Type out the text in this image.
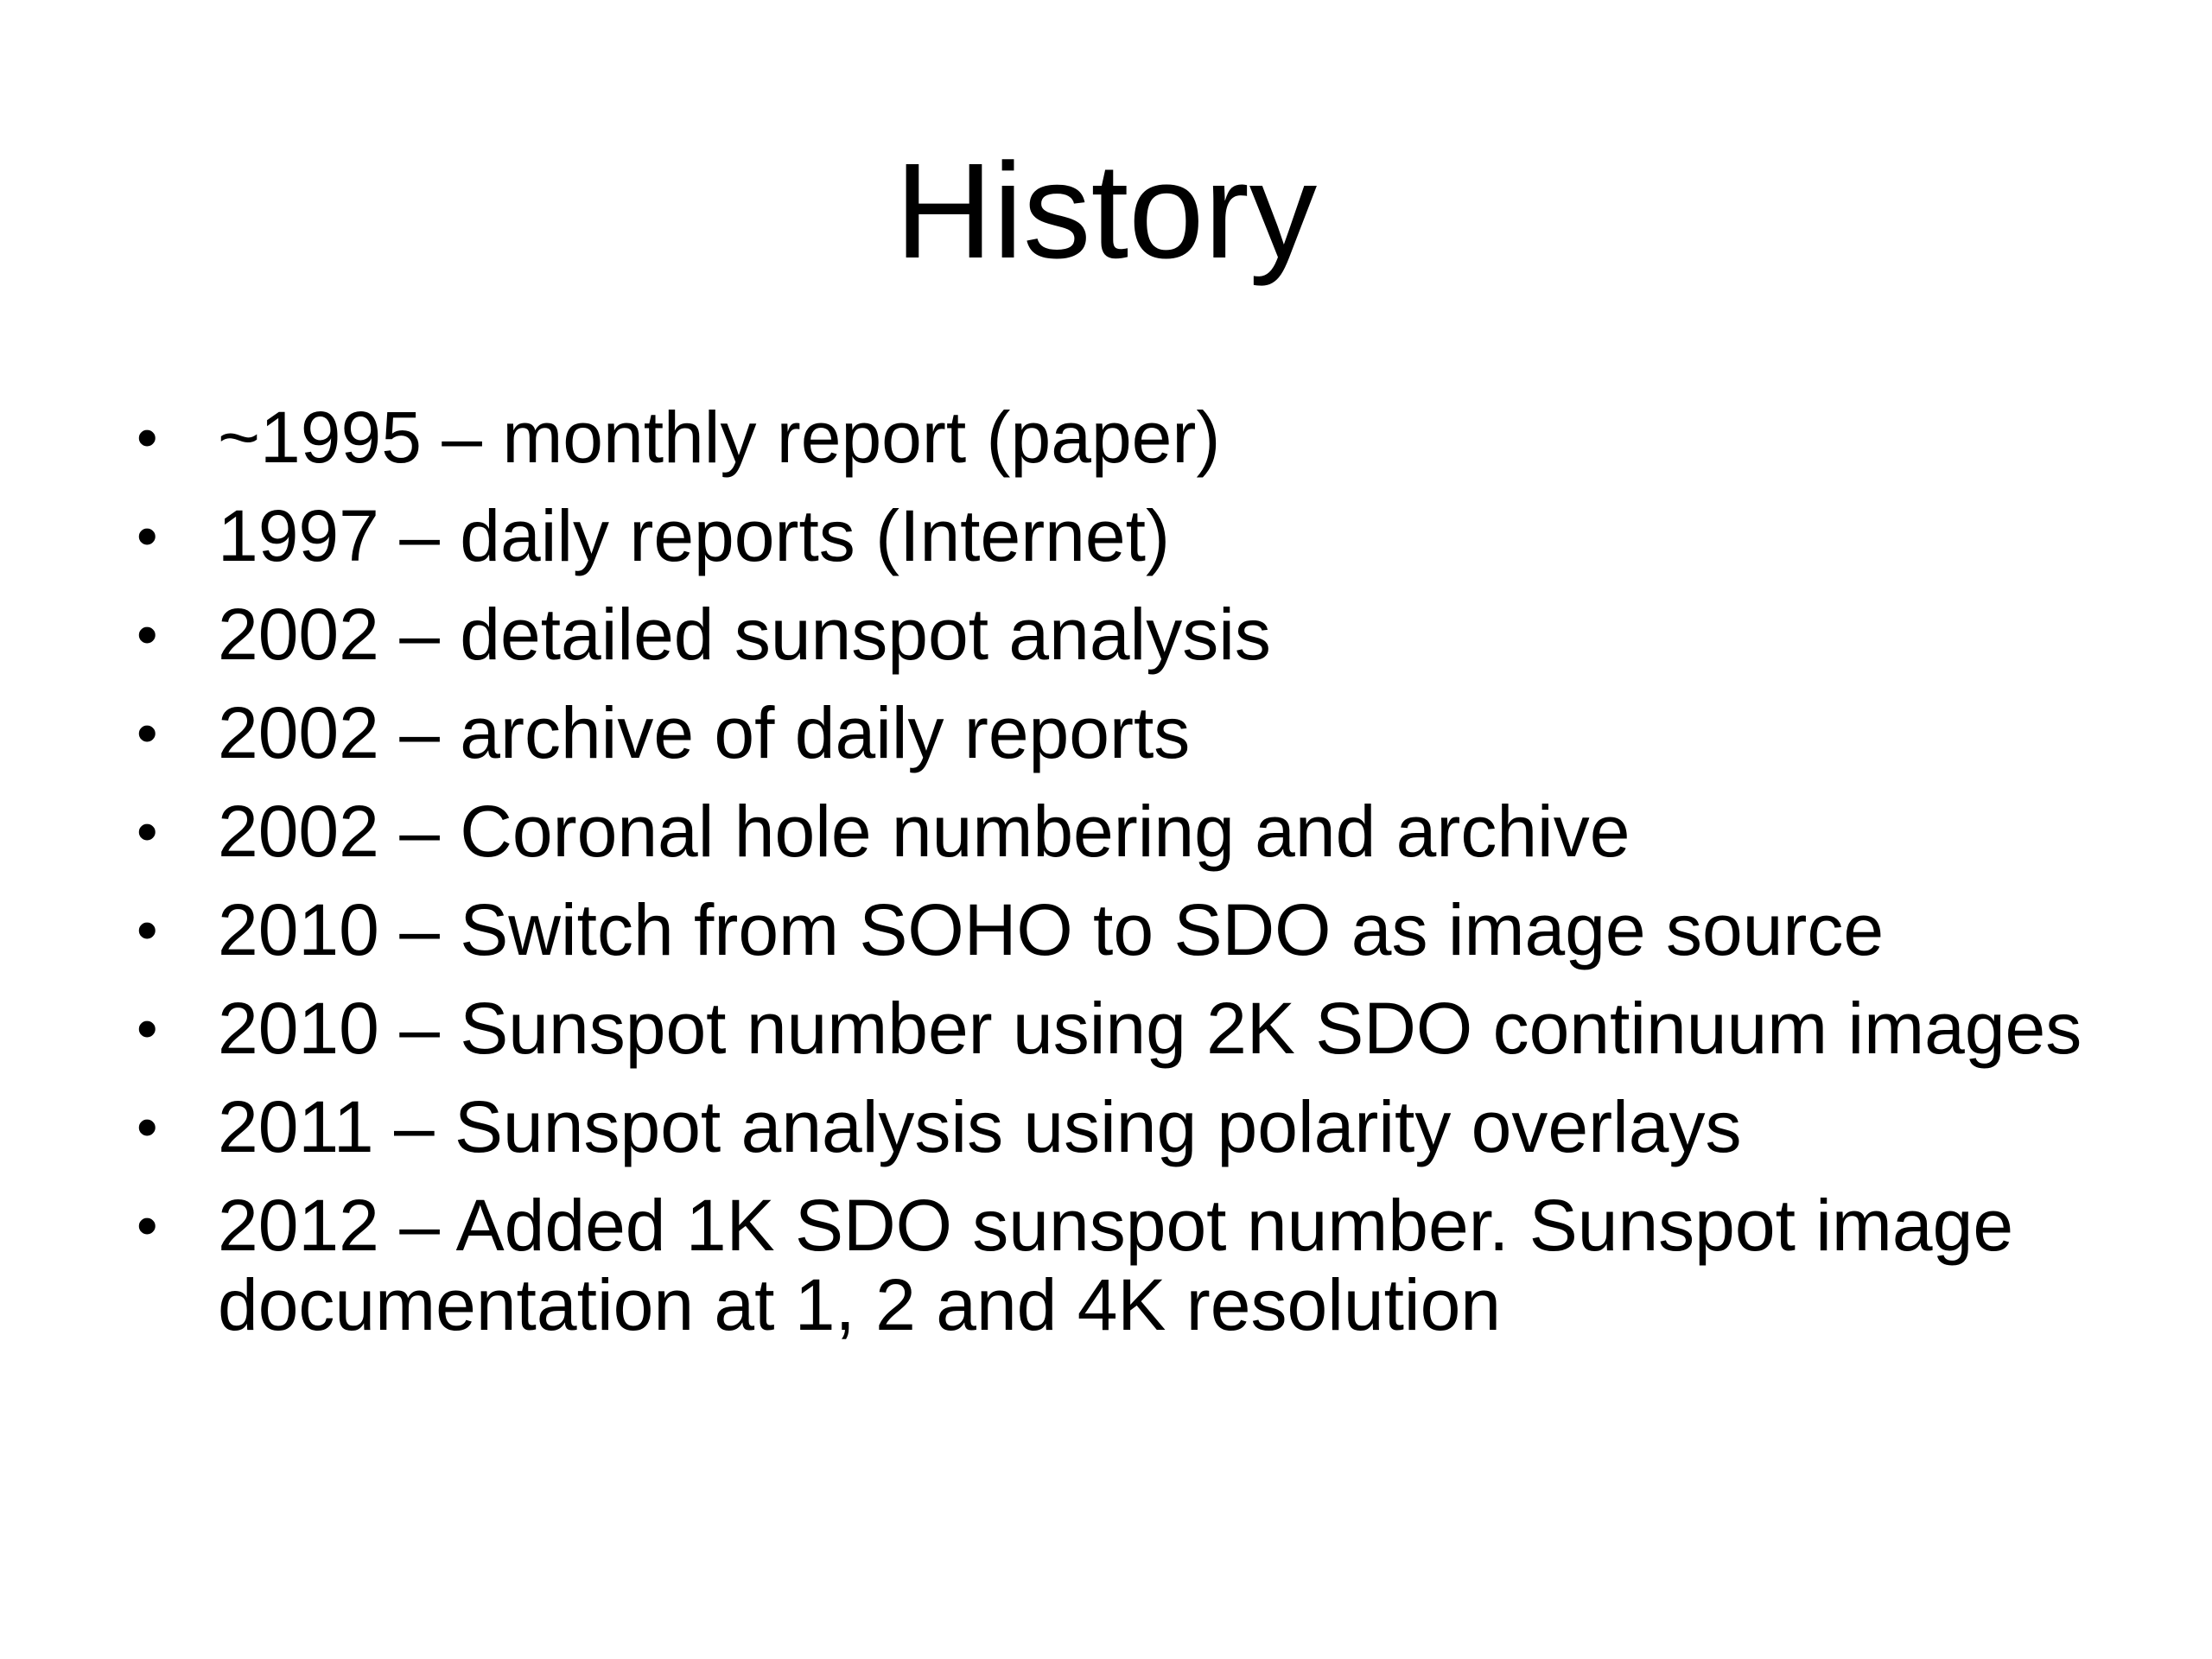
History
• ~1995 – monthly report (paper)
• 1997 – daily reports (Internet)
• 2002 – detailed sunspot analysis
• 2002 – archive of daily reports
• 2002 – Coronal hole numbering and archive
• 2010 – Switch from SOHO to SDO as image source
• 2010 – Sunspot number using 2K SDO continuum images
• 2011 – Sunspot analysis using polarity overlays
• 2012 – Added 1K SDO sunspot number. Sunspot image documentation at 1, 2 and 4K resolution
